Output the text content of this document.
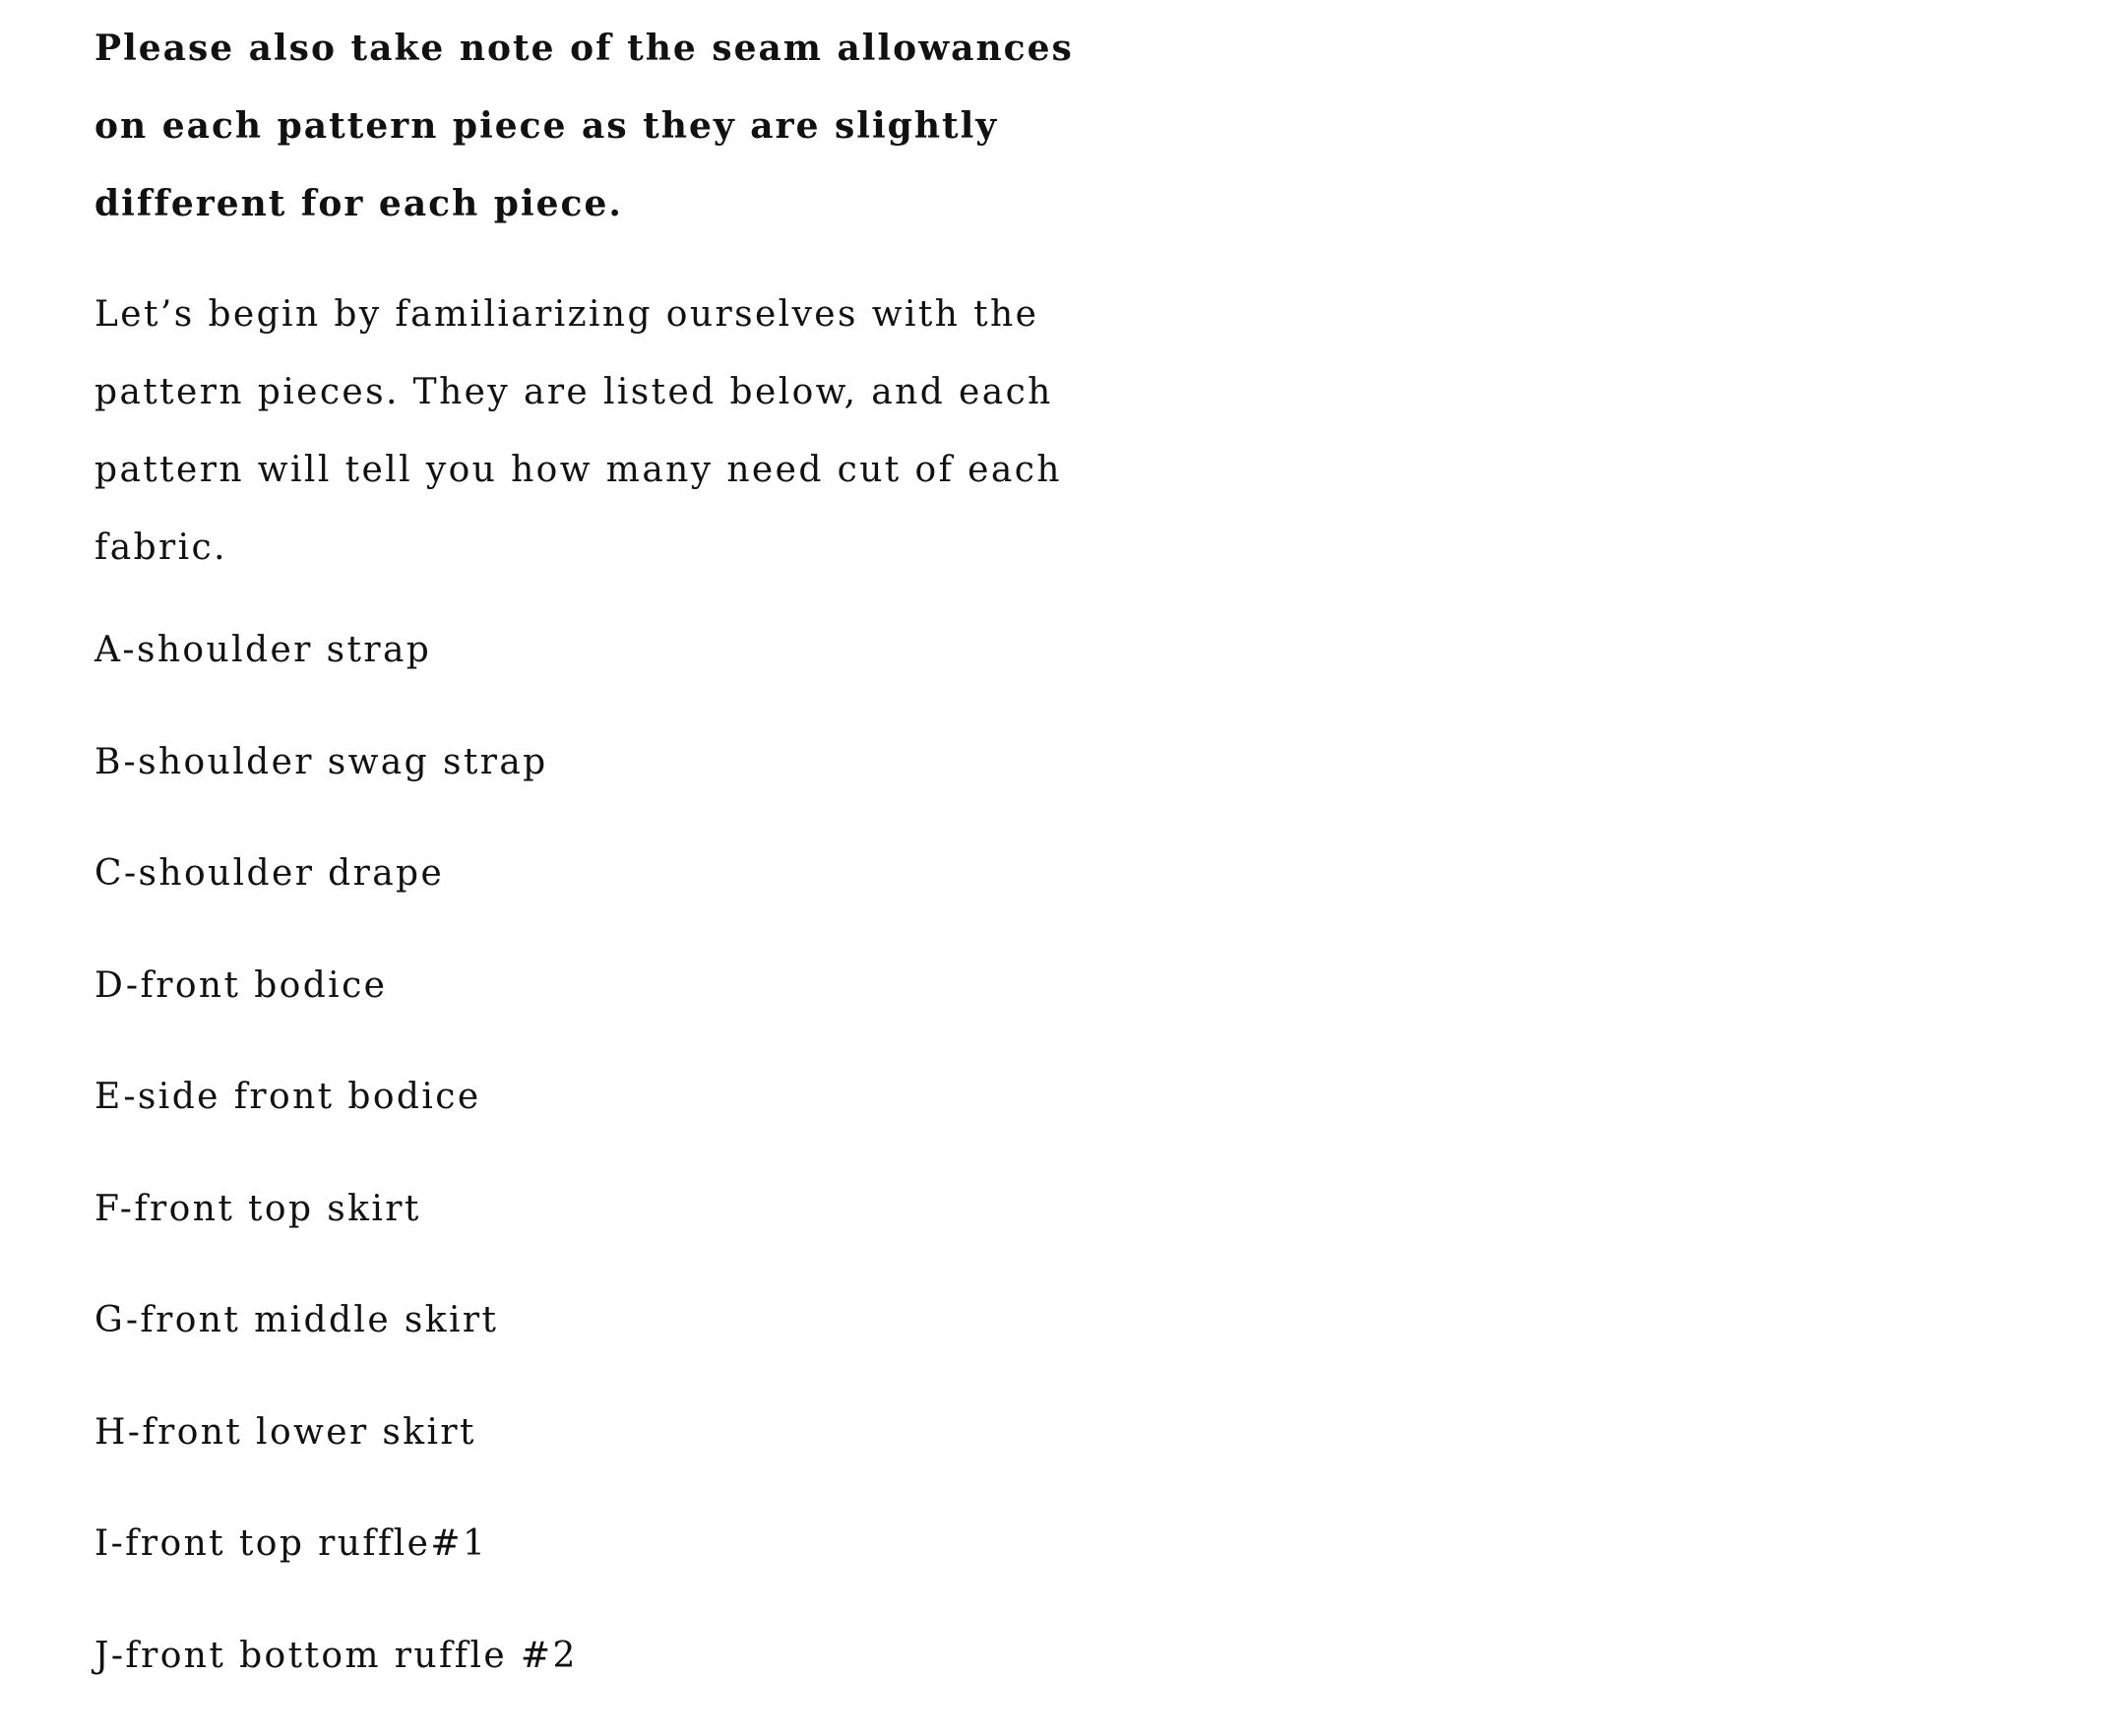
Please also take note of the seam allowances on each pattern piece as they are slightly different for each piece.

Let’s begin by familiarizing ourselves with the pattern pieces. They are listed below, and each pattern will tell you how many need cut of each fabric.

A-shoulder strap
B-shoulder swag strap
C-shoulder drape
D-front bodice
E-side front bodice
F-front top skirt
G-front middle skirt
H-front lower skirt
I-front top ruffle#1
J-front bottom ruffle #2
